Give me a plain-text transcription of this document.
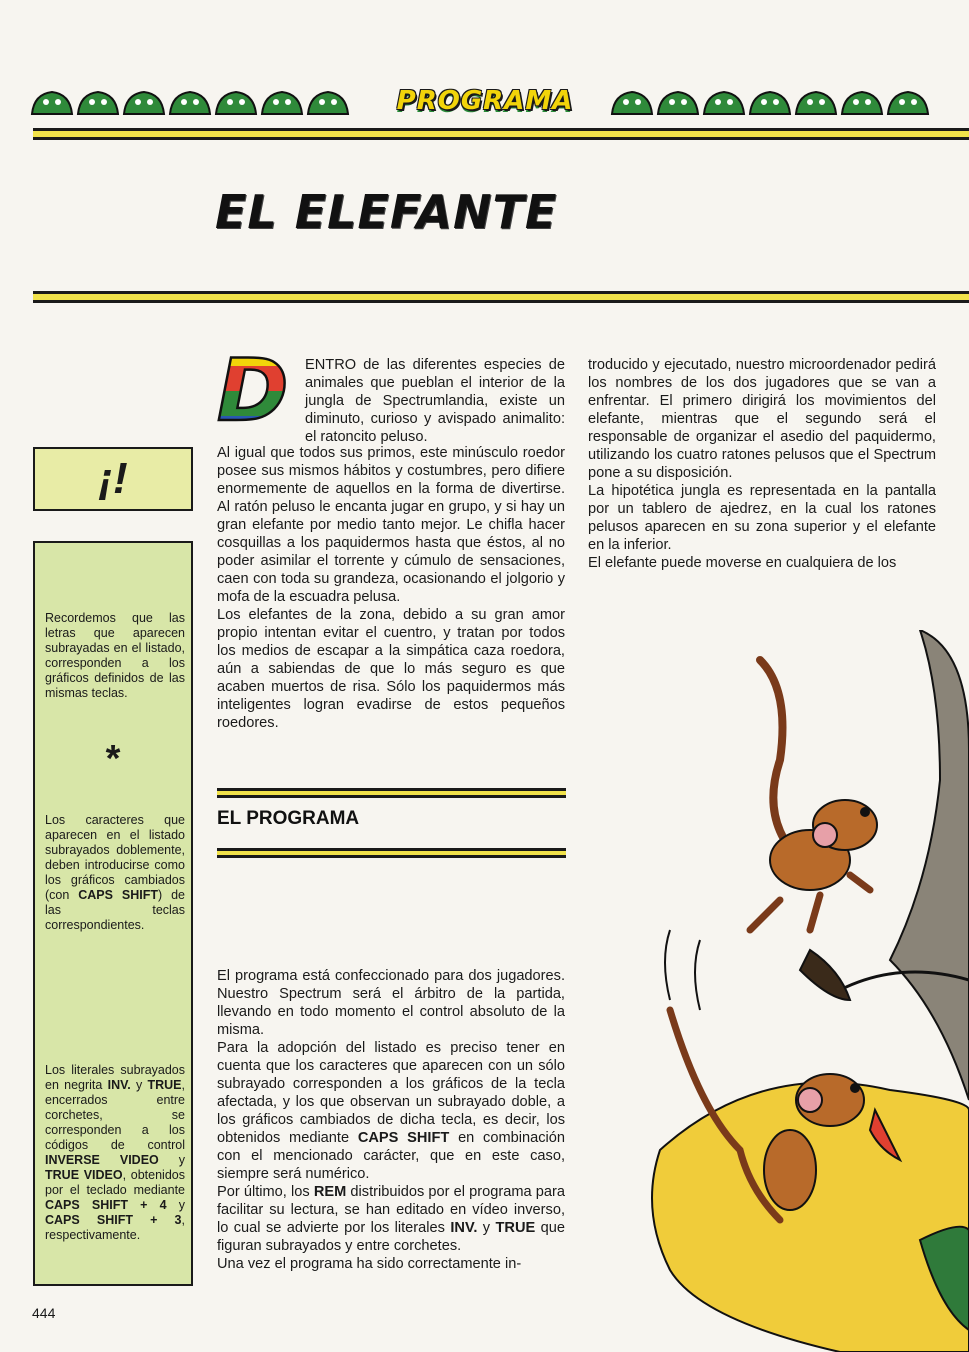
PROGRAMA
EL ELEFANTE
¡!
Recordemos que las letras que aparecen subrayadas en el listado, corresponden a los gráficos definidos de las mismas teclas.
*
Los caracteres que aparecen en el listado subrayados doblemente, deben introducirse como los gráficos cambiados (con CAPS SHIFT) de las teclas correspondientes.
Los literales subrayados en negrita INV. y TRUE, encerrados entre corchetes, se corresponden a los códigos de control INVERSE VIDEO y TRUE VIDEO, obtenidos por el teclado mediante CAPS SHIFT + 4 y CAPS SHIFT + 3, respectivamente.
D ENTRO de las diferentes especies de animales que pueblan el interior de la jungla de Spectrumlandia, existe un diminuto, curioso y avispado animalito: el ratoncito peluso.

Al igual que todos sus primos, este minúsculo roedor posee sus mismos hábitos y costumbres, pero difiere enormemente de aquellos en la forma de divertirse. Al ratón peluso le encanta jugar en grupo, y si hay un gran elefante por medio tanto mejor. Le chifla hacer cosquillas a los paquidermos hasta que éstos, al no poder asimilar el torrente y cúmulo de sensaciones, caen con toda su grandeza, ocasionando el jolgorio y mofa de la escuadra pelusa.

Los elefantes de la zona, debido a su gran amor propio intentan evitar el cuentro, y tratan por todos los medios de escapar a la simpática caza roedora, aún a sabiendas de que lo más seguro es que acaben muertos de risa. Sólo los paquidermos más inteligentes logran evadirse de estos pequeños roedores.

EL PROGRAMA

El programa está confeccionado para dos jugadores. Nuestro Spectrum será el árbitro de la partida, llevando en todo momento el control absoluto de la misma.

Para la adopción del listado es preciso tener en cuenta que los caracteres que aparecen con un sólo subrayado corresponden a los gráficos de la tecla afectada, y los que observan un subrayado doble, a los gráficos cambiados de dicha tecla, es decir, los obtenidos mediante CAPS SHIFT en combinación con el mencionado carácter, que en este caso, siempre será numérico.

Por último, los REM distribuidos por el programa para facilitar su lectura, se han editado en vídeo inverso, lo cual se advierte por los literales INV. y TRUE que figuran subrayados y entre corchetes.

Una vez el programa ha sido correctamente in-

troducido y ejecutado, nuestro microordenador pedirá los nombres de los dos jugadores que se van a enfrentar. El primero dirigirá los movimientos del elefante, mientras que el segundo será el responsable de organizar el asedio del paquidermo, utilizando los cuatro ratones pelusos que el Spectrum pone a su disposición.

La hipotética jungla es representada en la pantalla por un tablero de ajedrez, en la cual los ratones pelusos aparecen en su zona superior y el elefante en la inferior.

El elefante puede moverse en cualquiera de los

444
